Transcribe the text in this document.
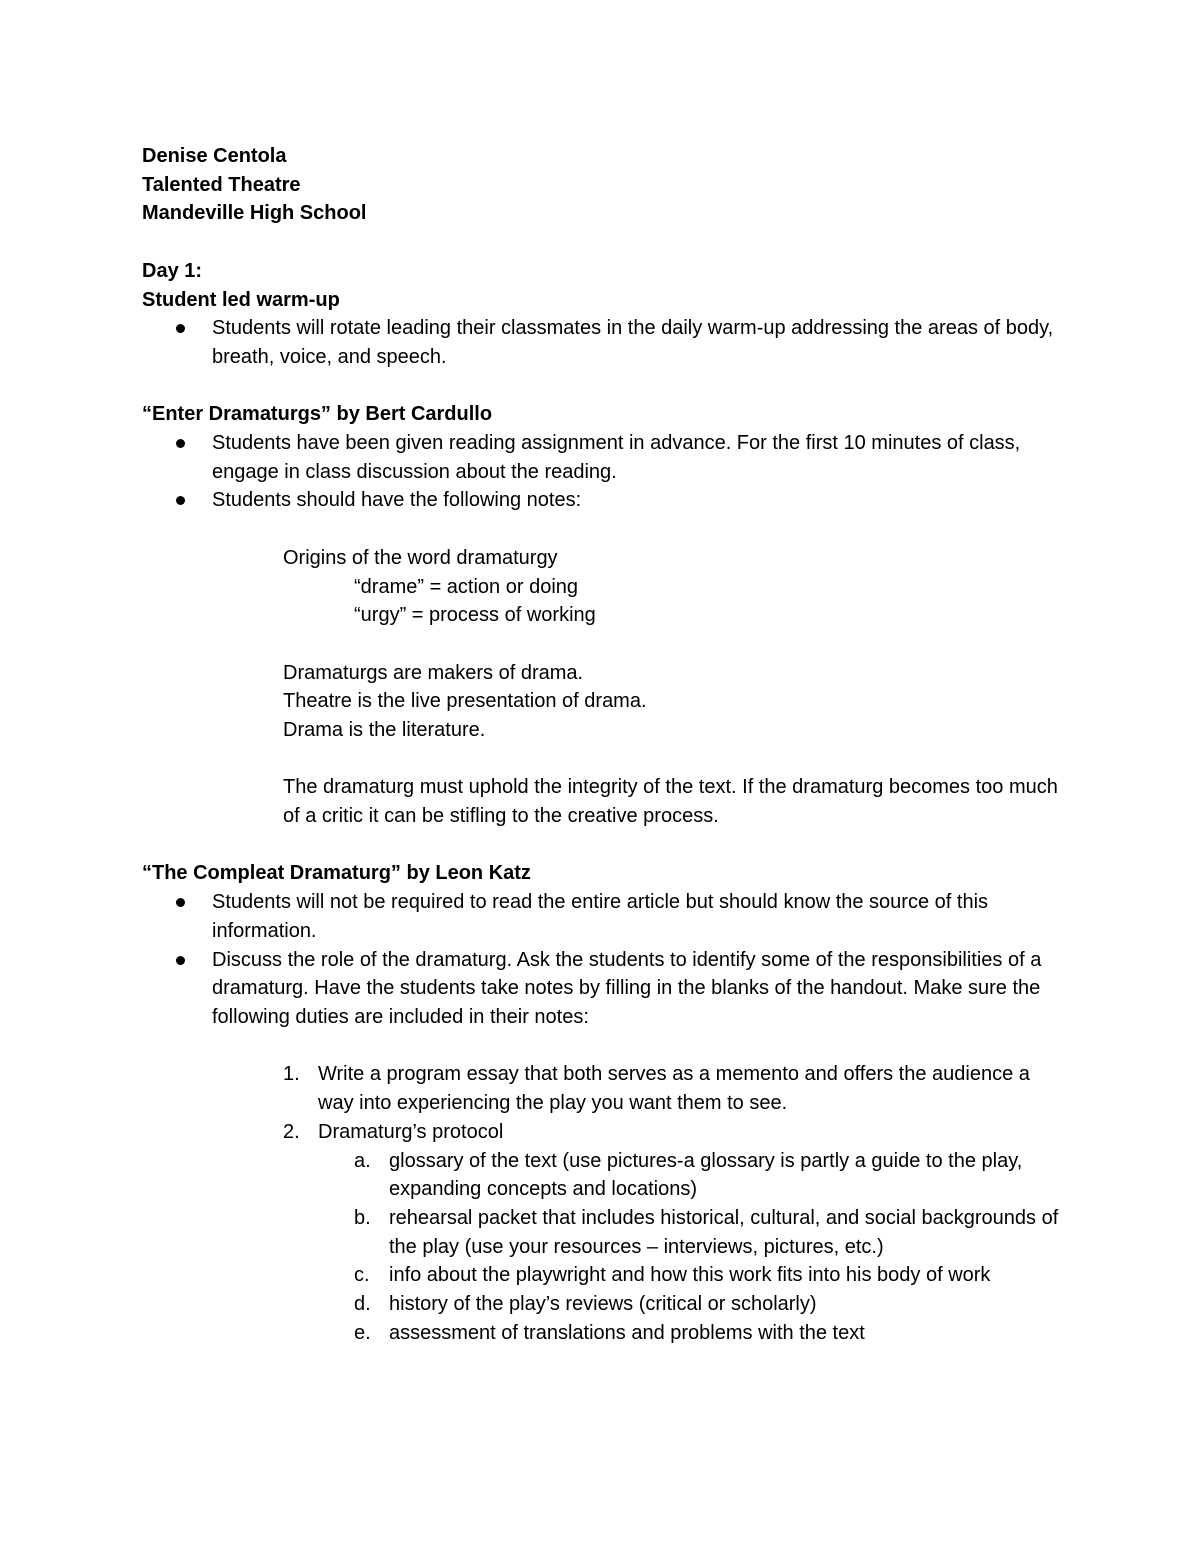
Denise Centola
Talented Theatre
Mandeville High School
Day 1:
Student led warm-up
Students will rotate leading their classmates in the daily warm-up addressing the areas of body, breath, voice, and speech.
“Enter Dramaturgs” by Bert Cardullo
Students have been given reading assignment in advance. For the first 10 minutes of class, engage in class discussion about the reading.
Students should have the following notes:
Origins of the word dramaturgy
“drame” = action or doing
“urgy” = process of working
Dramaturgs are makers of drama.
Theatre is the live presentation of drama.
Drama is the literature.
The dramaturg must uphold the integrity of the text. If the dramaturg becomes too much of a critic it can be stifling to the creative process.
“The Compleat Dramaturg” by Leon Katz
Students will not be required to read the entire article but should know the source of this information.
Discuss the role of the dramaturg. Ask the students to identify some of the responsibilities of a dramaturg. Have the students take notes by filling in the blanks of the handout. Make sure the following duties are included in their notes:
1. Write a program essay that both serves as a memento and offers the audience a way into experiencing the play you want them to see.
2. Dramaturg’s protocol
a. glossary of the text (use pictures-a glossary is partly a guide to the play, expanding concepts and locations)
b. rehearsal packet that includes historical, cultural, and social backgrounds of the play (use your resources – interviews, pictures, etc.)
c. info about the playwright and how this work fits into his body of work
d. history of the play’s reviews (critical or scholarly)
e. assessment of translations and problems with the text
